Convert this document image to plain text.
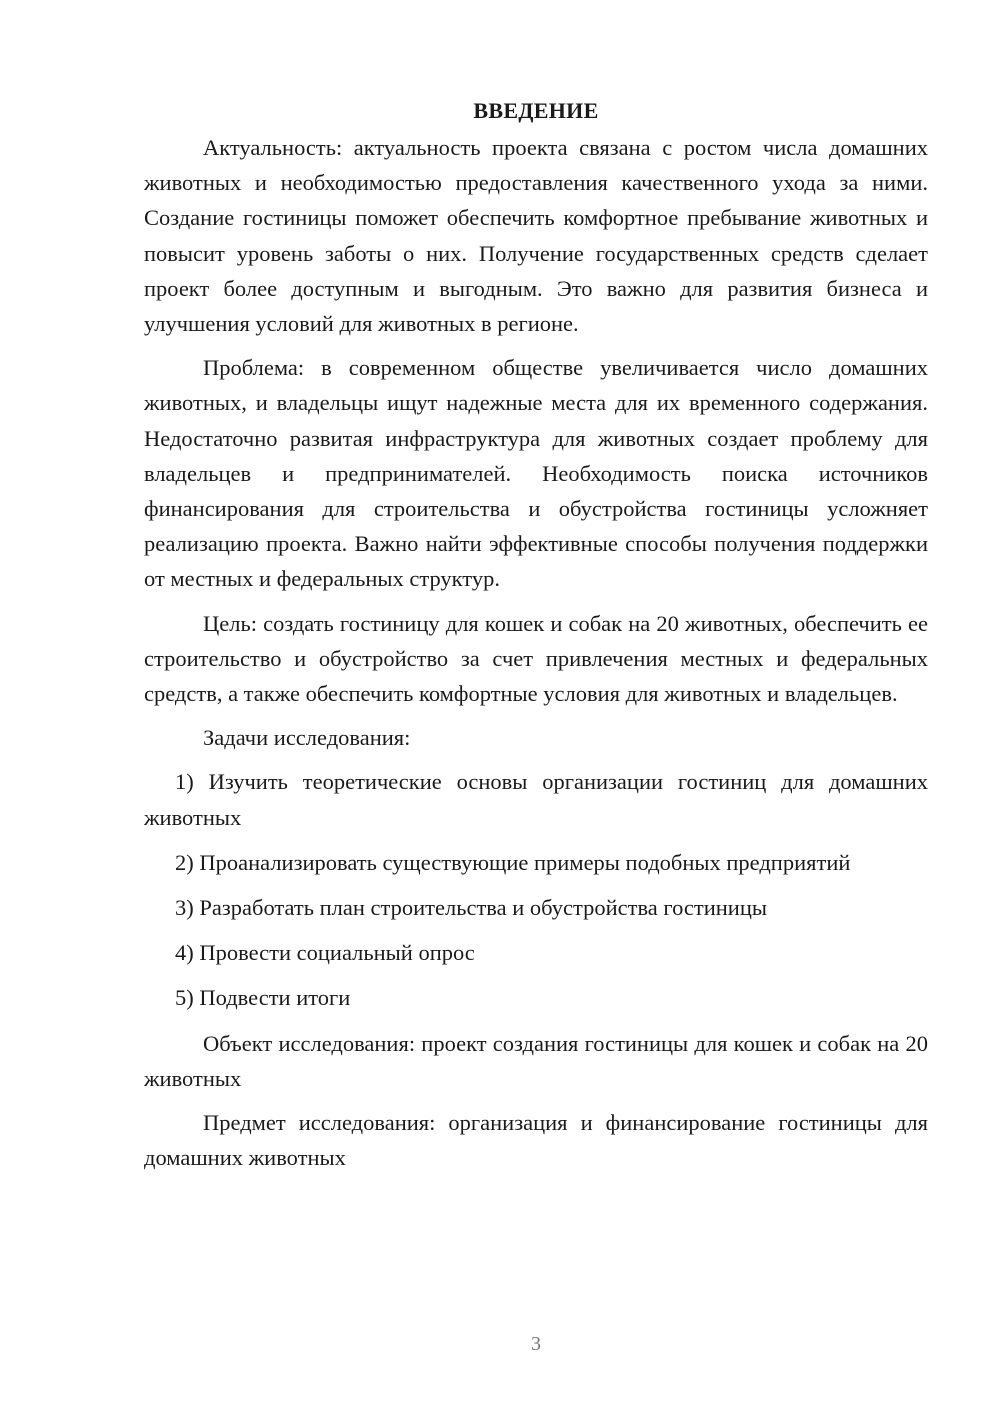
ВВЕДЕНИЕ

Актуальность: актуальность проекта связана с ростом числа домашних животных и необходимостью предоставления качественного ухода за ними. Создание гостиницы поможет обеспечить комфортное пребывание животных и повысит уровень заботы о них. Получение государственных средств сделает проект более доступным и выгодным. Это важно для развития бизнеса и улучшения условий для животных в регионе.

Проблема: в современном обществе увеличивается число домашних животных, и владельцы ищут надежные места для их временного содержания. Недостаточно развитая инфраструктура для животных создает проблему для владельцев и предпринимателей. Необходимость поиска источников финансирования для строительства и обустройства гостиницы усложняет реализацию проекта. Важно найти эффективные способы получения поддержки от местных и федеральных структур.

Цель: создать гостиницу для кошек и собак на 20 животных, обеспечить ее строительство и обустройство за счет привлечения местных и федеральных средств, а также обеспечить комфортные условия для животных и владельцев.

Задачи исследования:

1) Изучить теоретические основы организации гостиниц для домашних животных

2) Проанализировать существующие примеры подобных предприятий

3) Разработать план строительства и обустройства гостиницы

4) Провести социальный опрос

5) Подвести итоги

Объект исследования: проект создания гостиницы для кошек и собак на 20 животных

Предмет исследования: организация и финансирование гостиницы для домашних животных

3
